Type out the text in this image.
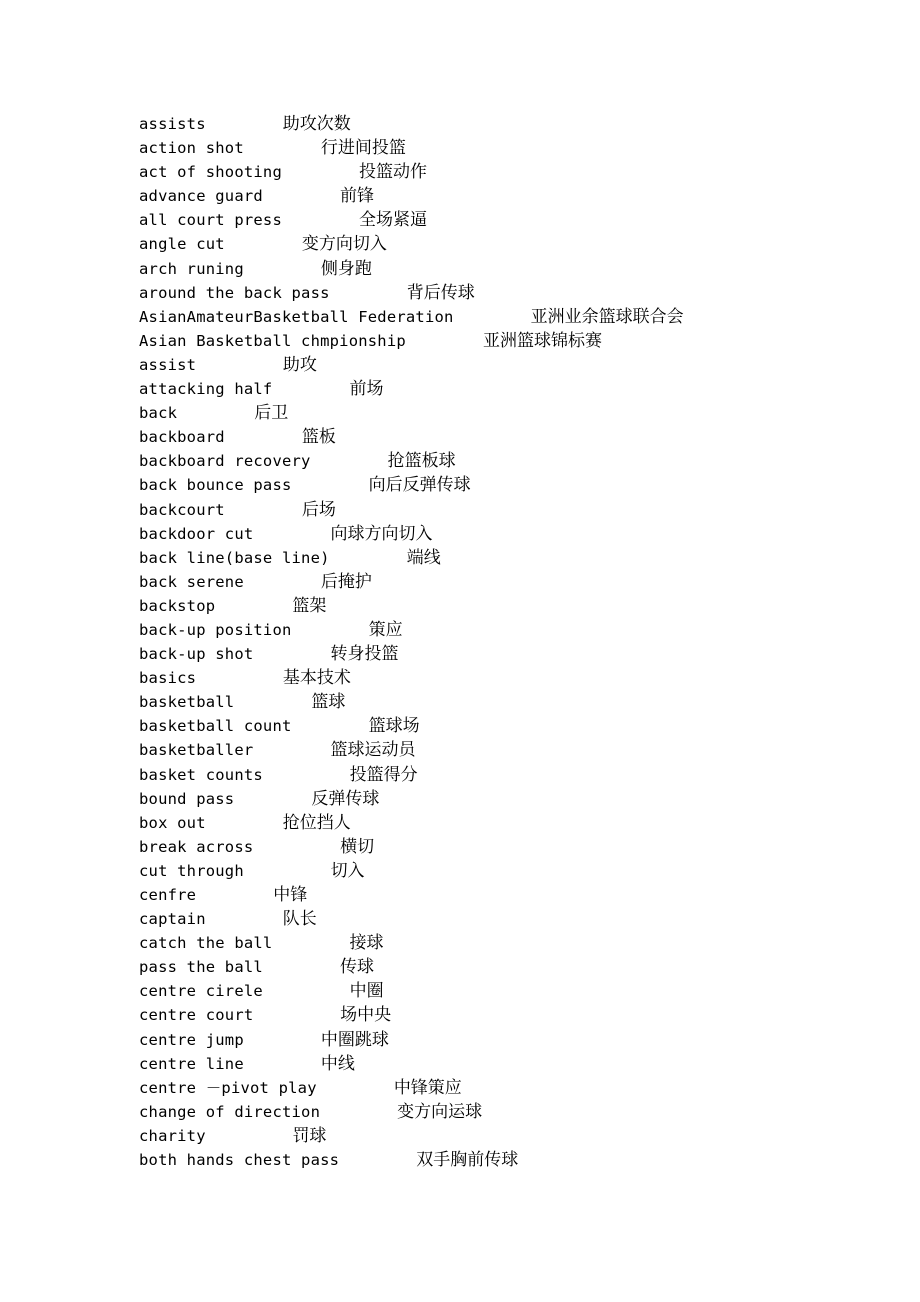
assists	助攻次数
action shot	行进间投篮
act of shooting	投篮动作
advance guard	前锋
all court press	全场紧逼
angle cut	变方向切入
arch runing	侧身跑
around the back pass	背后传球
AsianAmateurBasketball Federation	亚洲业余篮球联合会
Asian Basketball chmpionship	亚洲篮球锦标赛
assist	助攻
attacking half	前场
back	后卫
backboard	篮板
backboard recovery	抢篮板球
back bounce pass	向后反弹传球
backcourt	后场
backdoor cut	向球方向切入
back line(base line)	端线
back serene	后掩护
backstop	篮架
back-up position	策应
back-up shot	转身投篮
basics	基本技术
basketball	篮球
basketball count	篮球场
basketballer	篮球运动员
basket counts	投篮得分
bound pass	反弹传球
box out	抢位挡人
break across	横切
cut through	切入
cenfre	中锋
captain	队长
catch the ball	接球
pass the ball	传球
centre cirele	中圈
centre court	场中央
centre jump	中圈跳球
centre line	中线
centre －pivot play	中锋策应
change of direction	变方向运球
charity	罚球
both hands chest pass	双手胸前传球
